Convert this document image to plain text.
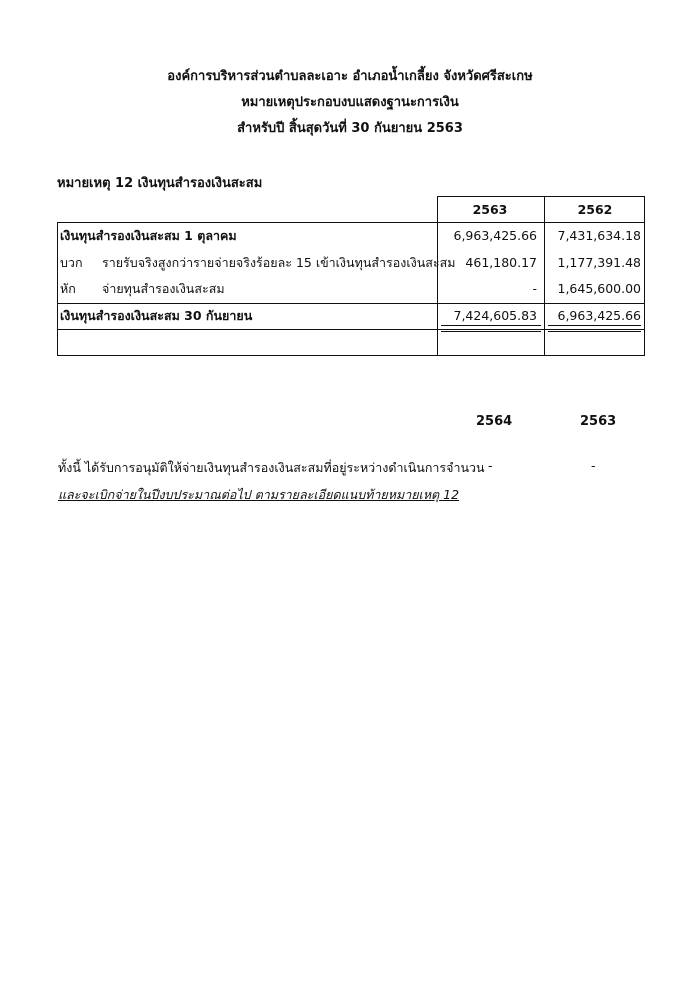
องค์การบริหารส่วนตำบลละเอาะ อำเภอน้ำเกลี้ยง จังหวัดศรีสะเกษ
หมายเหตุประกอบงบแสดงฐานะการเงิน
สำหรับปี สิ้นสุดวันที่ 30 กันยายน 2563
หมายเหตุ 12 เงินทุนสำรองเงินสะสม
2563	2562
เงินทุนสำรองเงินสะสม 1 ตุลาคม	6,963,425.66	7,431,634.18
บวก รายรับจริงสูงกว่ารายจ่ายจริงร้อยละ 15 เข้าเงินทุนสำรองเงินสะสม 461,180.17	1,177,391.48
หัก จ่ายทุนสำรองเงินสะสม	-	1,645,600.00
เงินทุนสำรองเงินสะสม 30 กันยายน	7,424,605.83	6,963,425.66
2564	2563
ทั้งนี้ ได้รับการอนุมัติให้จ่ายเงินทุนสำรองเงินสะสมที่อยู่ระหว่างดำเนินการจำนวน -	-
และจะเบิกจ่ายในปีงบประมาณต่อไป ตามรายละเอียดแนบท้ายหมายเหตุ 12
